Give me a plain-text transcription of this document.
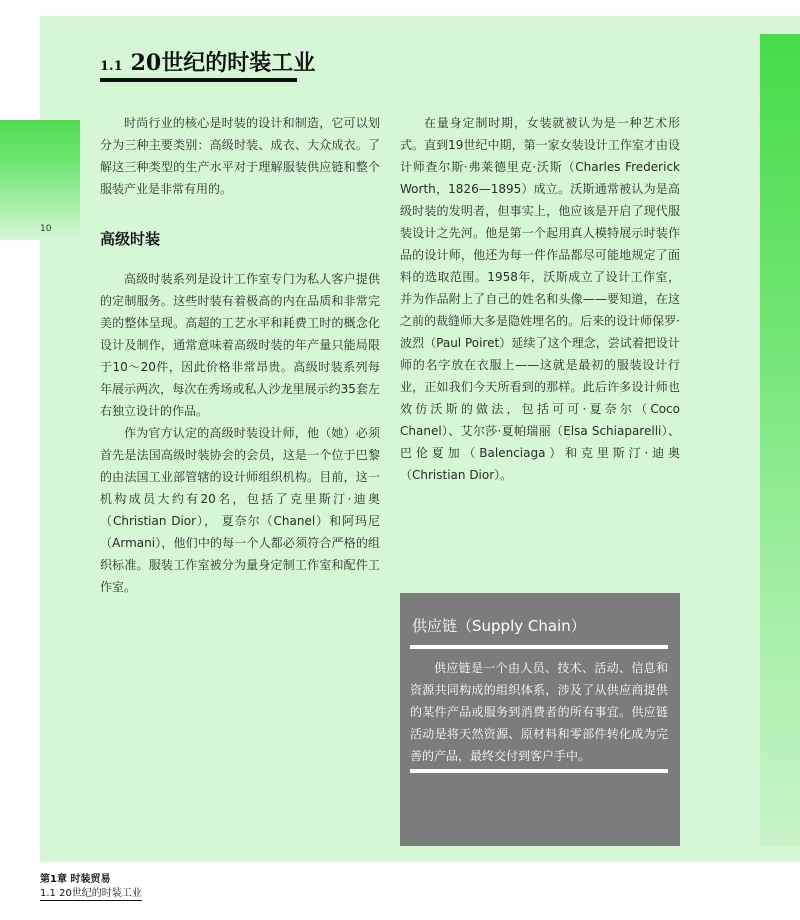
10
1.1 20世纪的时装工业

时尚行业的核心是时装的设计和制造，它可以划分为三种主要类别：高级时装、成衣、大众成衣。了解这三种类型的生产水平对于理解服装供应链和整个服装产业是非常有用的。

高级时装

高级时装系列是设计工作室专门为私人客户提供的定制服务。这些时装有着极高的内在品质和非常完美的整体呈现。高超的工艺水平和耗费工时的概念化设计及制作，通常意味着高级时装的年产量只能局限于10～20件，因此价格非常昂贵。高级时装系列每年展示两次，每次在秀场或私人沙龙里展示约35套左右独立设计的作品。

作为官方认定的高级时装设计师，他（她）必须首先是法国高级时装协会的会员，这是一个位于巴黎的由法国工业部管辖的设计师组织机构。目前，这一机构成员大约有20名，包括了克里斯汀·迪奥（Christian Dior）， 夏奈尔（Chanel）和阿玛尼（Armani），他们中的每一个人都必须符合严格的组织标准。服装工作室被分为量身定制工作室和配件工作室。

在量身定制时期，女装就被认为是一种艺术形式。直到19世纪中期，第一家女装设计工作室才由设计师查尔斯·弗莱德里克·沃斯（Charles Frederick Worth，1826—1895）成立。沃斯通常被认为是高级时装的发明者，但事实上，他应该是开启了现代服装设计之先河。他是第一个起用真人模特展示时装作品的设计师，他还为每一件作品都尽可能地规定了面料的选取范围。1958年，沃斯成立了设计工作室，并为作品附上了自己的姓名和头像——要知道，在这之前的裁缝师大多是隐姓埋名的。后来的设计师保罗·波烈（Paul Poiret）延续了这个理念，尝试着把设计师的名字放在衣服上——这就是最初的服装设计行业，正如我们今天所看到的那样。此后许多设计师也效仿沃斯的做法，包括可可·夏奈尔（Coco Chanel）、艾尔莎·夏帕瑞丽（Elsa Schiaparelli）、巴伦夏加（Balenciaga）和克里斯汀·迪奥（Christian Dior）。

供应链（Supply Chain）

供应链是一个由人员、技术、活动、信息和资源共同构成的组织体系，涉及了从供应商提供的某件产品或服务到消费者的所有事宜。供应链活动是将天然资源、原材料和零部件转化成为完善的产品，最终交付到客户手中。

第1章 时装贸易
1.1 20世纪的时装工业
